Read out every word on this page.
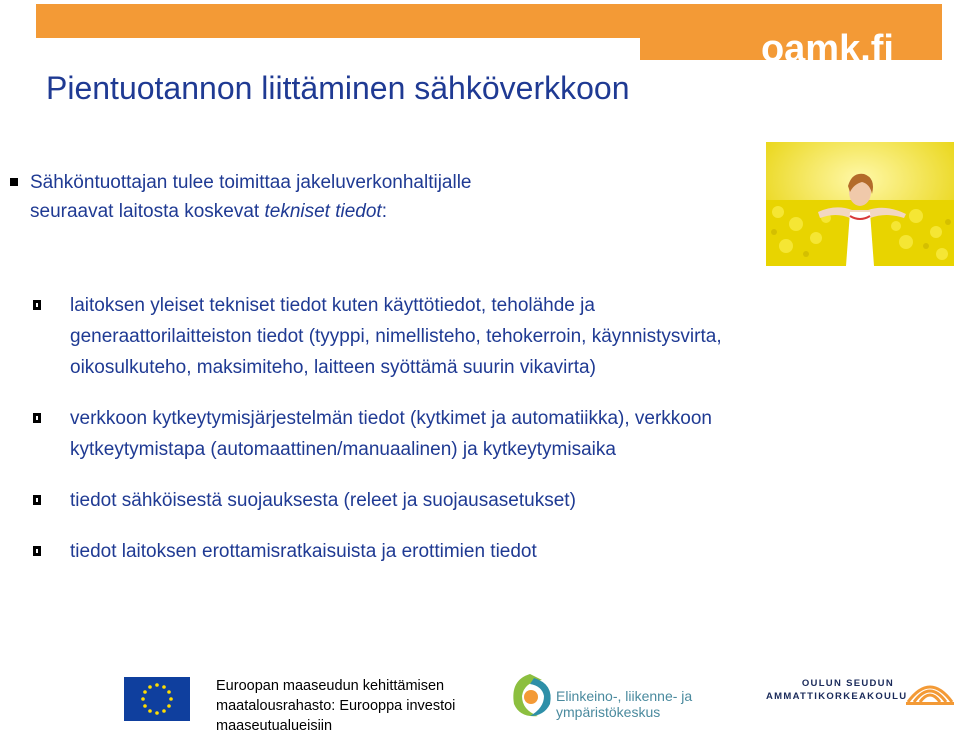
oamk.fi
Pientuotannon liittäminen sähköverkkoon
Sähköntuottajan tulee toimittaa jakeluverkonhaltijalle
seuraavat laitosta koskevat tekniset tiedot:
laitoksen yleiset tekniset tiedot kuten käyttötiedot, teholähde ja
generaattorilaitteiston tiedot (tyyppi, nimellisteho, tehokerroin, käynnistysvirta,
oikosulkuteho, maksimiteho, laitteen syöttämä suurin vikavirta)
verkkoon kytkeytymisjärjestelmän tiedot (kytkimet ja automatiikka), verkkoon
kytkeytymistapa (automaattinen/manuaalinen) ja kytkeytymisaika
tiedot sähköisestä suojauksesta (releet ja suojausasetukset)
tiedot laitoksen erottamisratkaisuista ja erottimien tiedot
Euroopan maaseudun kehittämisen
maatalousrahasto: Eurooppa investoi
maaseutualueisiin
Elinkeino-, liikenne- ja
ympäristökeskus
OULUN SEUDUN
AMMATTIKORKEAKOULU
